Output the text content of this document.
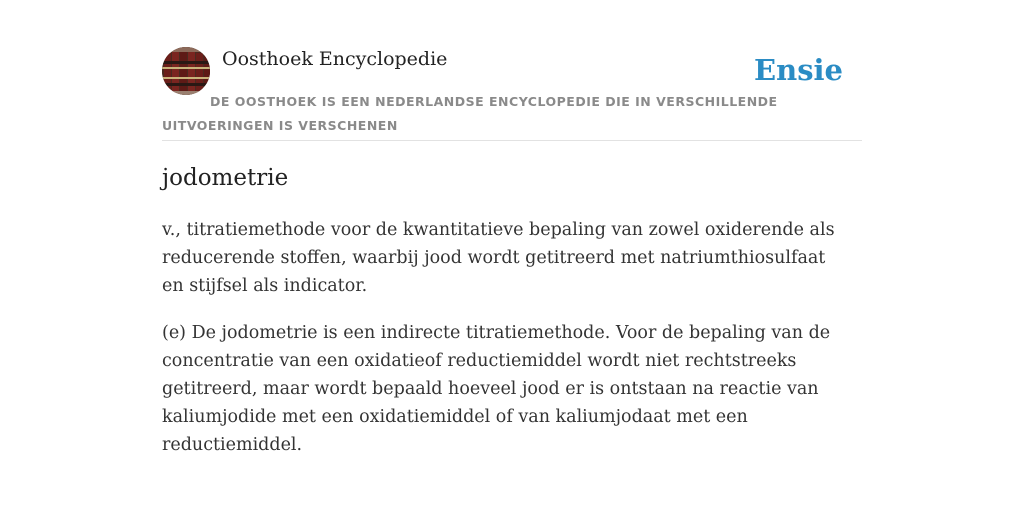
Oosthoek Encyclopedie	Ensie
DE OOSTHOEK IS EEN NEDERLANDSE ENCYCLOPEDIE DIE IN VERSCHILLENDE UITVOERINGEN IS VERSCHENEN
jodometrie

v., titratiemethode voor de kwantitatieve bepaling van zowel oxiderende als reducerende stoffen, waarbij jood wordt getitreerd met natriumthiosulfaat en stijfsel als indicator.

(e) De jodometrie is een indirecte titratiemethode. Voor de bepaling van de concentratie van een oxidatieof reductiemiddel wordt niet rechtstreeks getitreerd, maar wordt bepaald hoeveel jood er is ontstaan na reactie van kaliumjodide met een oxidatiemiddel of van kaliumjodaat met een reductiemiddel.
